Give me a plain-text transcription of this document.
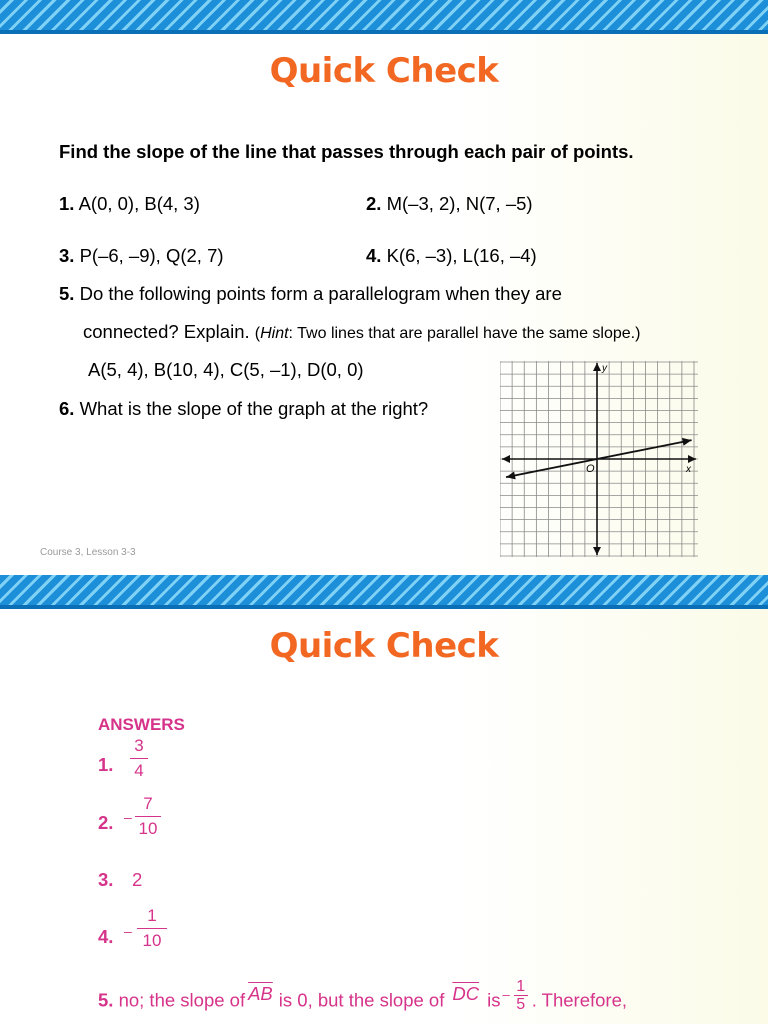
Quick Check
Find the slope of the line that passes through each pair of points.
1. A(0, 0), B(4, 3)	2. M(–3, 2), N(7, –5)
3. P(–6, –9), Q(2, 7)	4. K(6, –3), L(16, –4)
5. Do the following points form a parallelogram when they are
connected? Explain. (Hint: Two lines that are parallel have the same slope.)
A(5, 4), B(10, 4), C(5, –1), D(0, 0)
6. What is the slope of the graph at the right?
Course 3, Lesson 3-3
x
y
O
Quick Check
ANSWERS
1.
3
4
2. –
7
10
3. 2
4. –
1
10
5. no; the slope of $\overline{AB}$ is 0, but the slope of $\overline{DC}$ is $^- \frac{1}{5}$ . Therefore,
